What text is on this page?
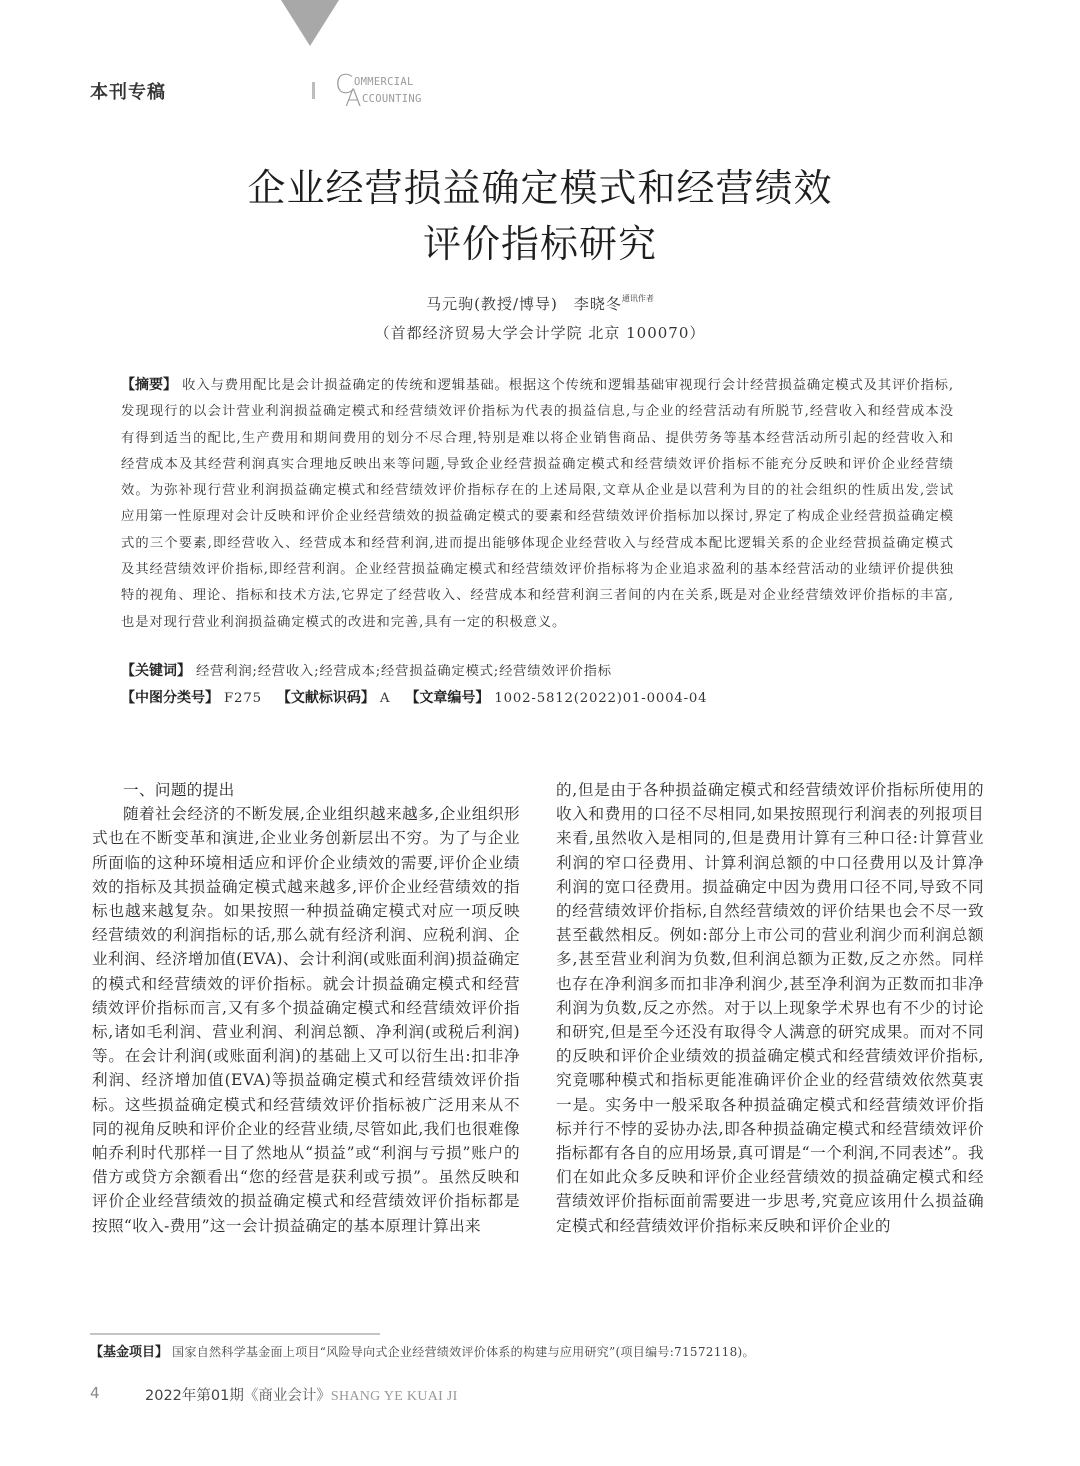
本刊专稿	C OMMERCIAL
A CCOUNTING
企业经营损益确定模式和经营绩效
评价指标研究
马元驹(教授/博导)　李晓冬$^{通讯作者}$
（首都经济贸易大学会计学院 北京 100070）
【摘要】 收入与费用配比是会计损益确定的传统和逻辑基础。根据这个传统和逻辑基础审视现行会计经营损益确定模式及其评价指标,发现现行的以会计营业利润损益确定模式和经营绩效评价指标为代表的损益信息,与企业的经营活动有所脱节,经营收入和经营成本没有得到适当的配比,生产费用和期间费用的划分不尽合理,特别是难以将企业销售商品、提供劳务等基本经营活动所引起的经营收入和经营成本及其经营利润真实合理地反映出来等问题,导致企业经营损益确定模式和经营绩效评价指标不能充分反映和评价企业经营绩效。为弥补现行营业利润损益确定模式和经营绩效评价指标存在的上述局限,文章从企业是以营利为目的的社会组织的性质出发,尝试应用第一性原理对会计反映和评价企业经营绩效的损益确定模式的要素和经营绩效评价指标加以探讨,界定了构成企业经营损益确定模式的三个要素,即经营收入、经营成本和经营利润,进而提出能够体现企业经营收入与经营成本配比逻辑关系的企业经营损益确定模式及其经营绩效评价指标,即经营利润。企业经营损益确定模式和经营绩效评价指标将为企业追求盈利的基本经营活动的业绩评价提供独特的视角、理论、指标和技术方法,它界定了经营收入、经营成本和经营利润三者间的内在关系,既是对企业经营绩效评价指标的丰富,也是对现行营业利润损益确定模式的改进和完善,具有一定的积极意义。
【关键词】 经营利润;经营收入;经营成本;经营损益确定模式;经营绩效评价指标
【中图分类号】 F275 【文献标识码】 A 【文章编号】 1002-5812(2022)01-0004-04
一、问题的提出

随着社会经济的不断发展,企业组织越来越多,企业组织形式也在不断变革和演进,企业业务创新层出不穷。为了与企业所面临的这种环境相适应和评价企业绩效的需要,评价企业绩效的指标及其损益确定模式越来越多,评价企业经营绩效的指标也越来越复杂。如果按照一种损益确定模式对应一项反映经营绩效的利润指标的话,那么就有经济利润、应税利润、企业利润、经济增加值(EVA)、会计利润(或账面利润)损益确定的模式和经营绩效的评价指标。就会计损益确定模式和经营绩效评价指标而言,又有多个损益确定模式和经营绩效评价指标,诸如毛利润、营业利润、利润总额、净利润(或税后利润)等。在会计利润(或账面利润)的基础上又可以衍生出:扣非净利润、经济增加值(EVA)等损益确定模式和经营绩效评价指标。这些损益确定模式和经营绩效评价指标被广泛用来从不同的视角反映和评价企业的经营业绩,尽管如此,我们也很难像帕乔利时代那样一目了然地从“损益”或“利润与亏损”账户的借方或贷方余额看出“您的经营是获利或亏损”。虽然反映和评价企业经营绩效的损益确定模式和经营绩效评价指标都是按照“收入-费用”这一会计损益确定的基本原理计算出来

的,但是由于各种损益确定模式和经营绩效评价指标所使用的收入和费用的口径不尽相同,如果按照现行利润表的列报项目来看,虽然收入是相同的,但是费用计算有三种口径:计算营业利润的窄口径费用、计算利润总额的中口径费用以及计算净利润的宽口径费用。损益确定中因为费用口径不同,导致不同的经营绩效评价指标,自然经营绩效的评价结果也会不尽一致甚至截然相反。例如:部分上市公司的营业利润少而利润总额多,甚至营业利润为负数,但利润总额为正数,反之亦然。同样也存在净利润多而扣非净利润少,甚至净利润为正数而扣非净利润为负数,反之亦然。对于以上现象学术界也有不少的讨论和研究,但是至今还没有取得令人满意的研究成果。而对不同的反映和评价企业绩效的损益确定模式和经营绩效评价指标,究竟哪种模式和指标更能准确评价企业的经营绩效依然莫衷一是。实务中一般采取各种损益确定模式和经营绩效评价指标并行不悖的妥协办法,即各种损益确定模式和经营绩效评价指标都有各自的应用场景,真可谓是“一个利润,不同表述”。我们在如此众多反映和评价企业经营绩效的损益确定模式和经营绩效评价指标面前需要进一步思考,究竟应该用什么损益确定模式和经营绩效评价指标来反映和评价企业的

【基金项目】 国家自然科学基金面上项目“风险导向式企业经营绩效评价体系的构建与应用研究”(项目编号:71572118)。
4	2022年第01期《商业会计》SHANG YE KUAI JI
